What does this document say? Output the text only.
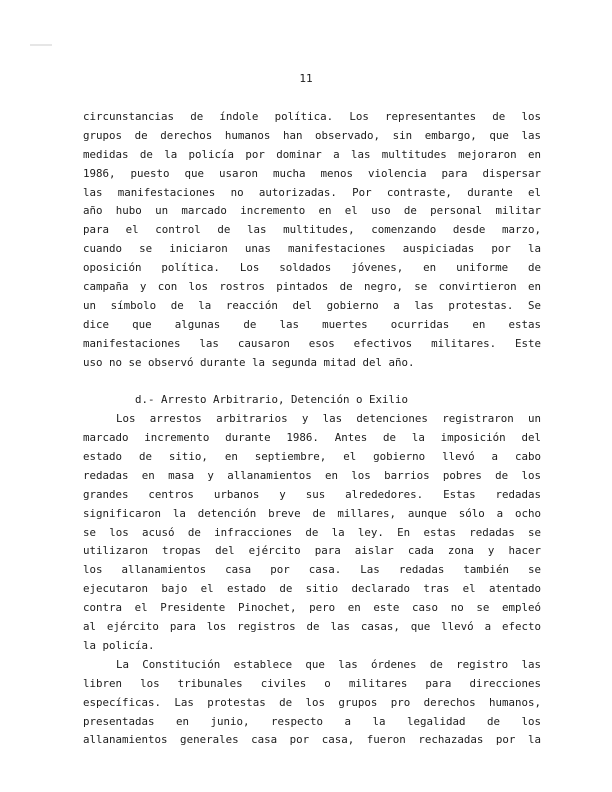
11
circunstancias de índole política. Los representantes de los
grupos de derechos humanos han observado, sin embargo, que las
medidas de la policía por dominar a las multitudes mejoraron en
1986, puesto que usaron mucha menos violencia para dispersar
las manifestaciones no autorizadas. Por contraste, durante el
año hubo un marcado incremento en el uso de personal militar
para el control de las multitudes, comenzando desde marzo,
cuando se iniciaron unas manifestaciones auspiciadas por la
oposición política. Los soldados jóvenes, en uniforme de
campaña y con los rostros pintados de negro, se convirtieron en
un símbolo de la reacción del gobierno a las protestas. Se
dice que algunas de las muertes ocurridas en estas
manifestaciones las causaron esos efectivos militares. Este
uso no se observó durante la segunda mitad del año.
d.- Arresto Arbitrario, Detención o Exilio
Los arrestos arbitrarios y las detenciones registraron un
marcado incremento durante 1986. Antes de la imposición del
estado de sitio, en septiembre, el gobierno llevó a cabo
redadas en masa y allanamientos en los barrios pobres de los
grandes centros urbanos y sus alrededores. Estas redadas
significaron la detención breve de millares, aunque sólo a ocho
se los acusó de infracciones de la ley. En estas redadas se
utilizaron tropas del ejército para aislar cada zona y hacer
los allanamientos casa por casa. Las redadas también se
ejecutaron bajo el estado de sitio declarado tras el atentado
contra el Presidente Pinochet, pero en este caso no se empleó
al ejército para los registros de las casas, que llevó a efecto
la policía.
La Constitución establece que las órdenes de registro las
libren los tribunales civiles o militares para direcciones
específicas. Las protestas de los grupos pro derechos humanos,
presentadas en junio, respecto a la legalidad de los
allanamientos generales casa por casa, fueron rechazadas por la
